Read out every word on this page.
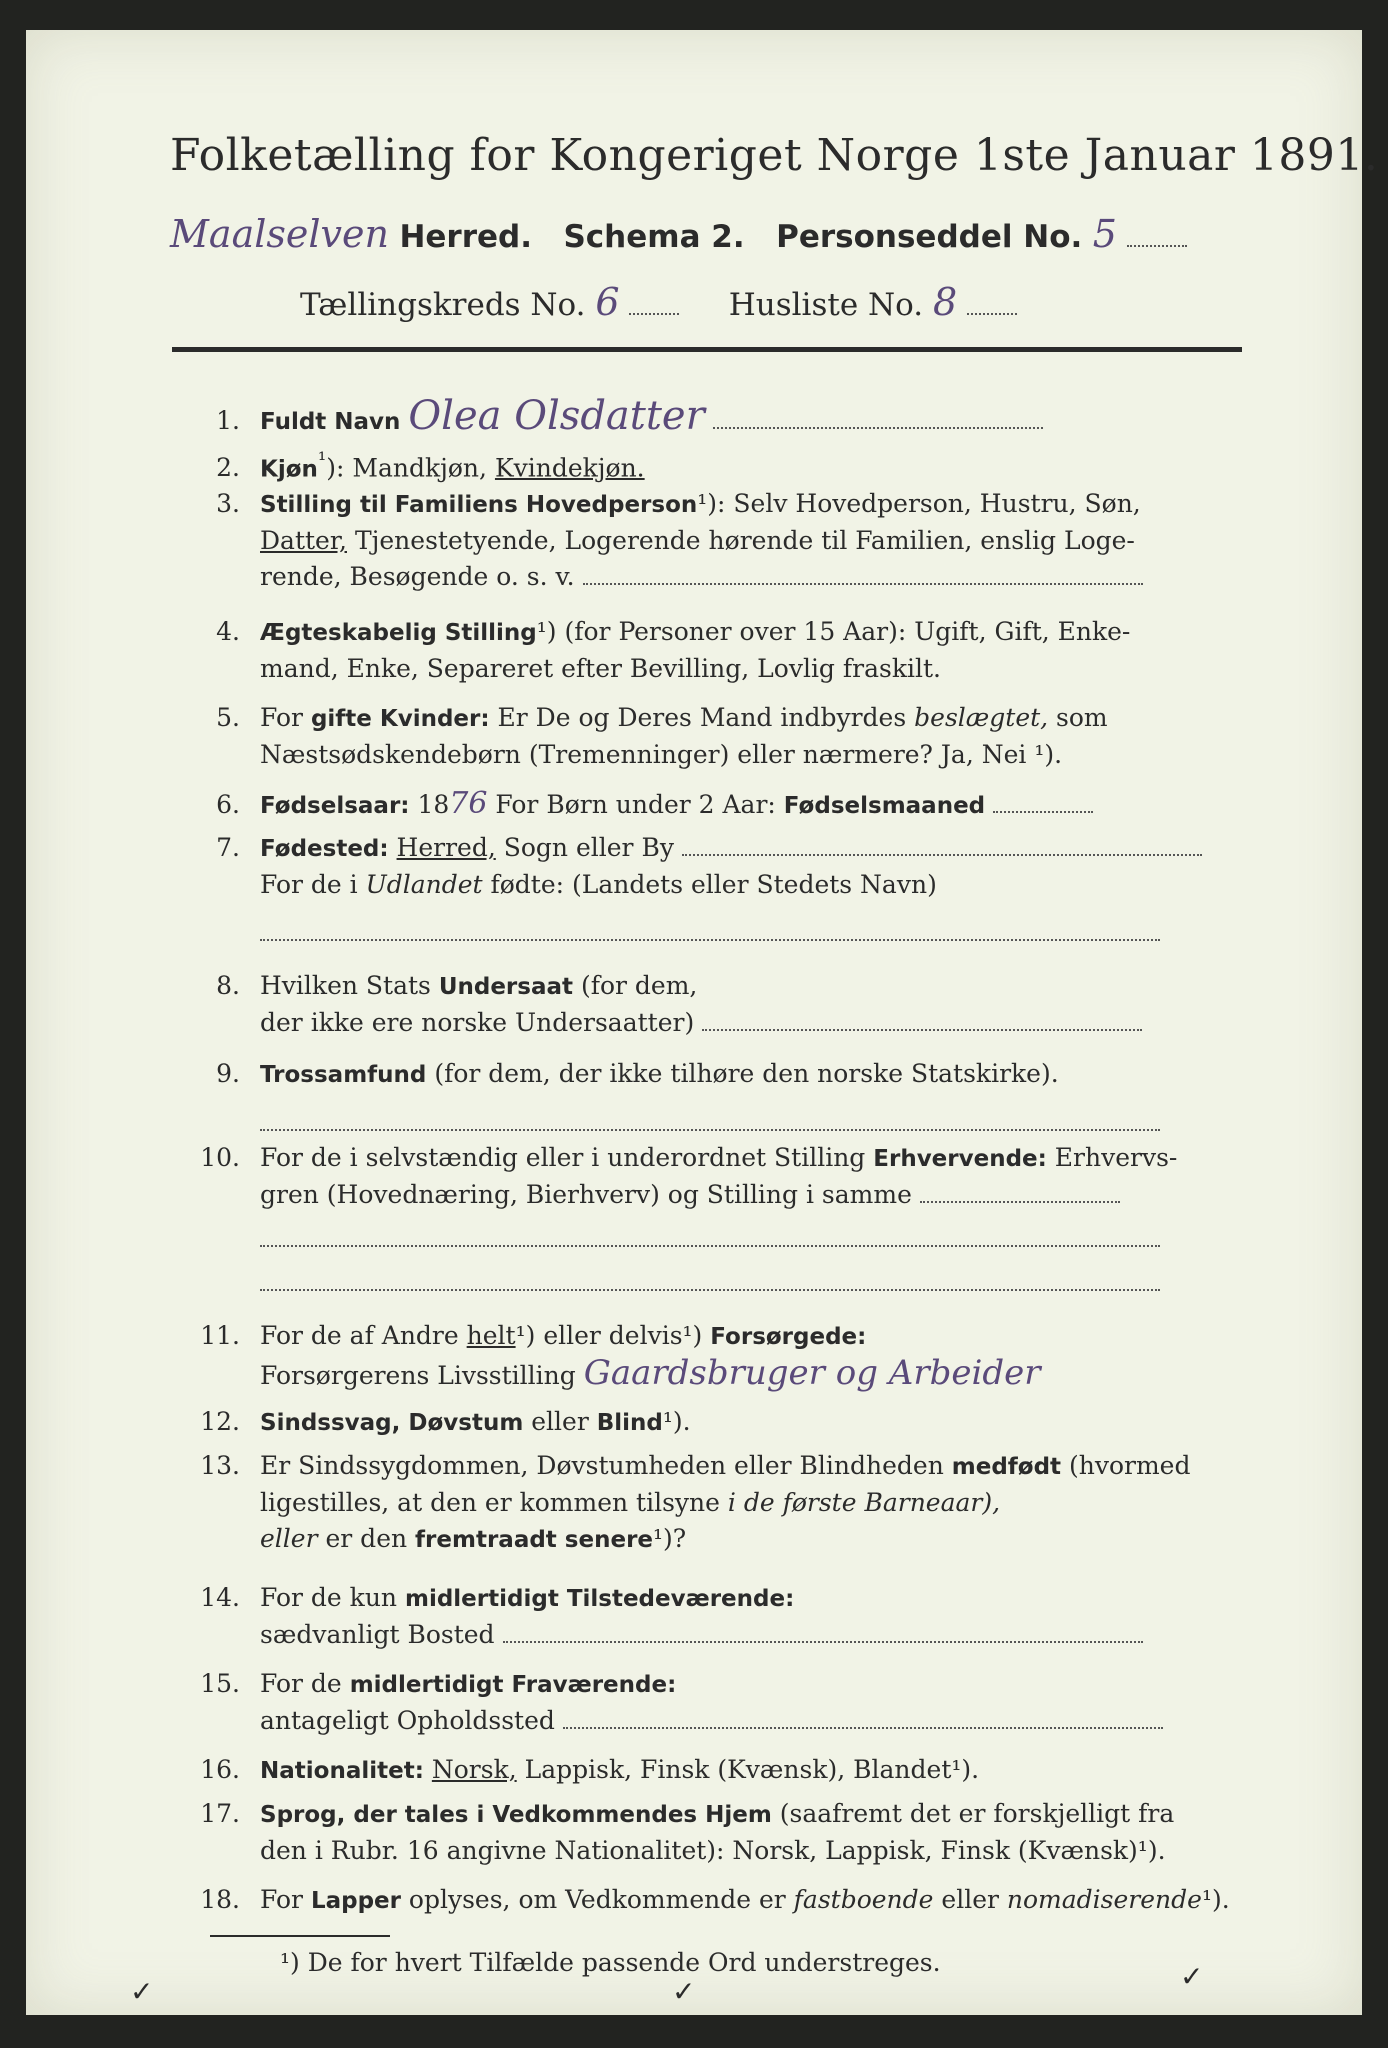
Folketælling for Kongeriget Norge 1ste Januar 1891.
Maalselven Herred. Schema 2. Personseddel No. 5
Tællingskreds No. 6	Husliste No. 8
1. Fuldt Navn Olea Olsdatter
2. Kjøn$^{^1}$): Mandkjøn, Kvindekjøn.
3. Stilling til Familiens Hovedperson¹): Selv Hovedperson, Hustru, Søn,
Datter, Tjenestetyende, Logerende hørende til Familien, enslig Loge-
rende, Besøgende o. s. v.
4. Ægteskabelig Stilling¹) (for Personer over 15 Aar): Ugift, Gift, Enke-
mand, Enke, Separeret efter Bevilling, Lovlig fraskilt.
5. For gifte Kvinder: Er De og Deres Mand indbyrdes beslægtet, som
Næstsødskendebørn (Tremenninger) eller nærmere? Ja, Nei ¹).
6. Fødselsaar: 1876 For Børn under 2 Aar: Fødselsmaaned
7. Fødested: Herred, Sogn eller By
For de i Udlandet fødte: (Landets eller Stedets Navn)
8. Hvilken Stats Undersaat (for dem,
der ikke ere norske Undersaatter)
9. Trossamfund (for dem, der ikke tilhøre den norske Statskirke).
10. For de i selvstændig eller i underordnet Stilling Erhvervende: Erhvervs-
gren (Hovednæring, Bierhverv) og Stilling i samme
11. For de af Andre helt¹) eller delvis¹) Forsørgede:
Forsørgerens Livsstilling Gaardsbruger og Arbeider
12. Sindssvag, Døvstum eller Blind¹).
13. Er Sindssygdommen, Døvstumheden eller Blindheden medfødt (hvormed
ligestilles, at den er kommen tilsyne i de første Barneaar),
eller er den fremtraadt senere¹)?
14. For de kun midlertidigt Tilstedeværende:
sædvanligt Bosted
15. For de midlertidigt Fraværende:
antageligt Opholdssted
16. Nationalitet: Norsk, Lappisk, Finsk (Kvænsk), Blandet¹).
17. Sprog, der tales i Vedkommendes Hjem (saafremt det er forskjelligt fra
den i Rubr. 16 angivne Nationalitet): Norsk, Lappisk, Finsk (Kvænsk)¹).
18. For Lapper oplyses, om Vedkommende er fastboende eller nomadiserende¹).
¹) De for hvert Tilfælde passende Ord understreges.
✓	✓	✓
